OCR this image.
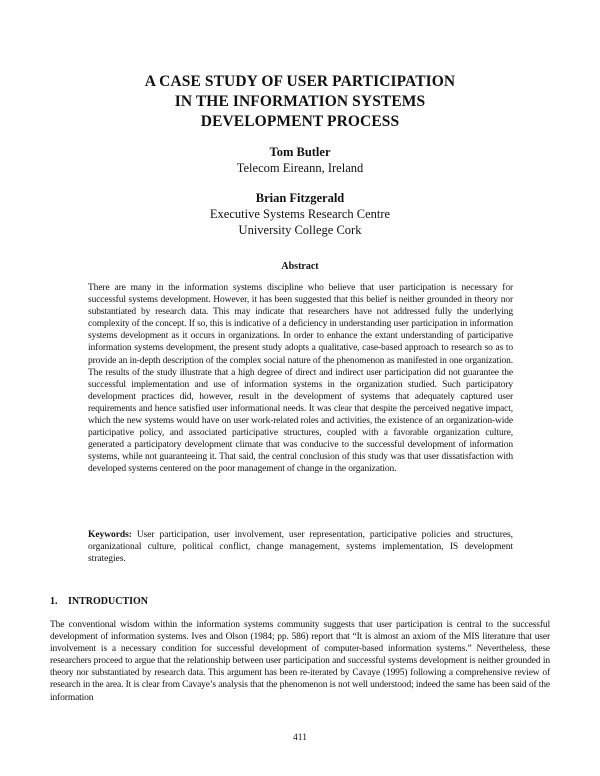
A CASE STUDY OF USER PARTICIPATION
IN THE INFORMATION SYSTEMS
DEVELOPMENT PROCESS
Tom Butler
Telecom Eireann, Ireland
Brian Fitzgerald
Executive Systems Research Centre
University College Cork
Abstract
There are many in the information systems discipline who believe that user participation is necessary for successful systems development. However, it has been suggested that this belief is neither grounded in theory nor substantiated by research data. This may indicate that researchers have not addressed fully the underlying complexity of the concept. If so, this is indicative of a deficiency in understanding user participation in information systems development as it occurs in organizations. In order to enhance the extant understanding of participative information systems development, the present study adopts a qualitative, case-based approach to research so as to provide an in-depth description of the complex social nature of the phenomenon as manifested in one organization. The results of the study illustrate that a high degree of direct and indirect user participation did not guarantee the successful implementation and use of information systems in the organization studied. Such participatory development practices did, however, result in the development of systems that adequately captured user requirements and hence satisfied user informational needs. It was clear that despite the perceived negative impact, which the new systems would have on user work-related roles and activities, the existence of an organization-wide participative policy, and associated participative structures, coupled with a favorable organization culture, generated a participatory development climate that was conducive to the successful development of information systems, while not guaranteeing it. That said, the central conclusion of this study was that user dissatisfaction with developed systems centered on the poor management of change in the organization.
Keywords: User participation, user involvement, user representation, participative policies and structures, organizational culture, political conflict, change management, systems implementation, IS development strategies.
1. INTRODUCTION
The conventional wisdom within the information systems community suggests that user participation is central to the successful development of information systems. Ives and Olson (1984; pp. 586) report that “It is almost an axiom of the MIS literature that user involvement is a necessary condition for successful development of computer-based information systems.” Nevertheless, these researchers proceed to argue that the relationship between user participation and successful systems development is neither grounded in theory nor substantiated by research data. This argument has been re-iterated by Cavaye (1995) following a comprehensive review of research in the area. It is clear from Cavaye’s analysis that the phenomenon is not well understood; indeed the same has been said of the information
411
